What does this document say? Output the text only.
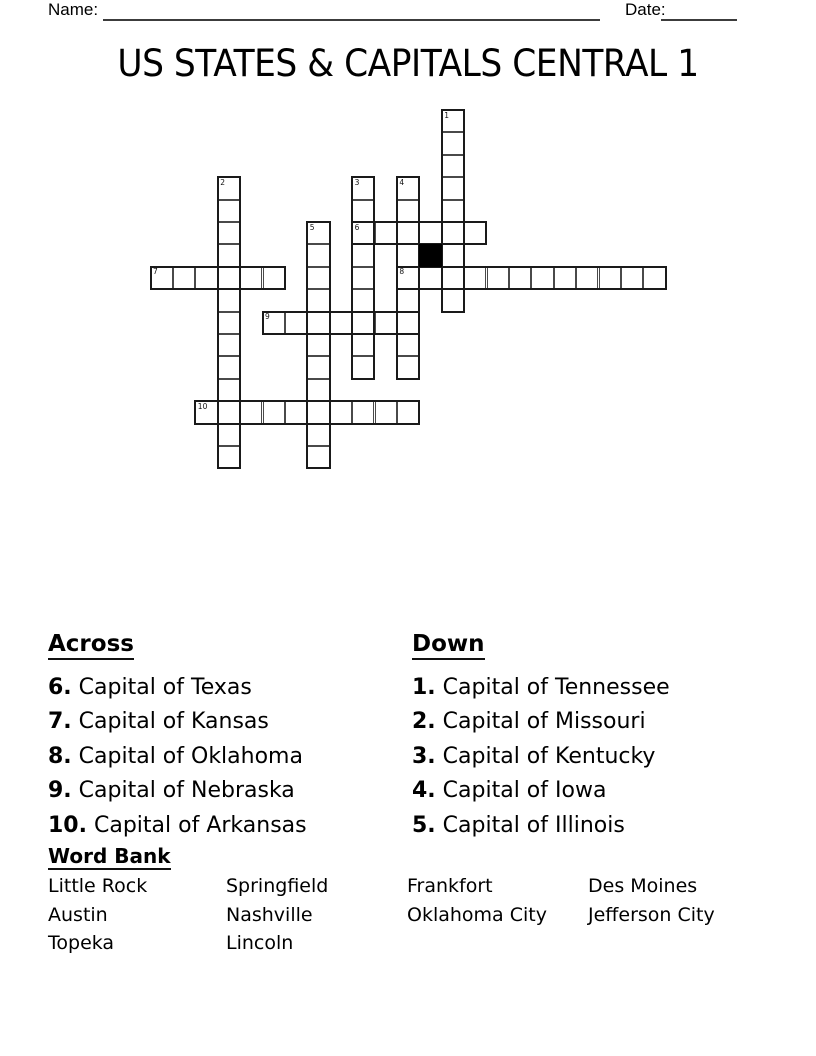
Name:	Date:
US STATES & CAPITALS CENTRAL 1
1
2	3
6
4
8
5
7
9
10
Across
6. Capital of Texas
7. Capital of Kansas
8. Capital of Oklahoma
9. Capital of Nebraska
10. Capital of Arkansas
Down
1. Capital of Tennessee
2. Capital of Missouri
3. Capital of Kentucky
4. Capital of Iowa
5. Capital of Illinois
Word Bank
Little Rock
Austin
Topeka
Springfield
Nashville
Lincoln
Frankfort
Oklahoma City
Des Moines
Jefferson City
